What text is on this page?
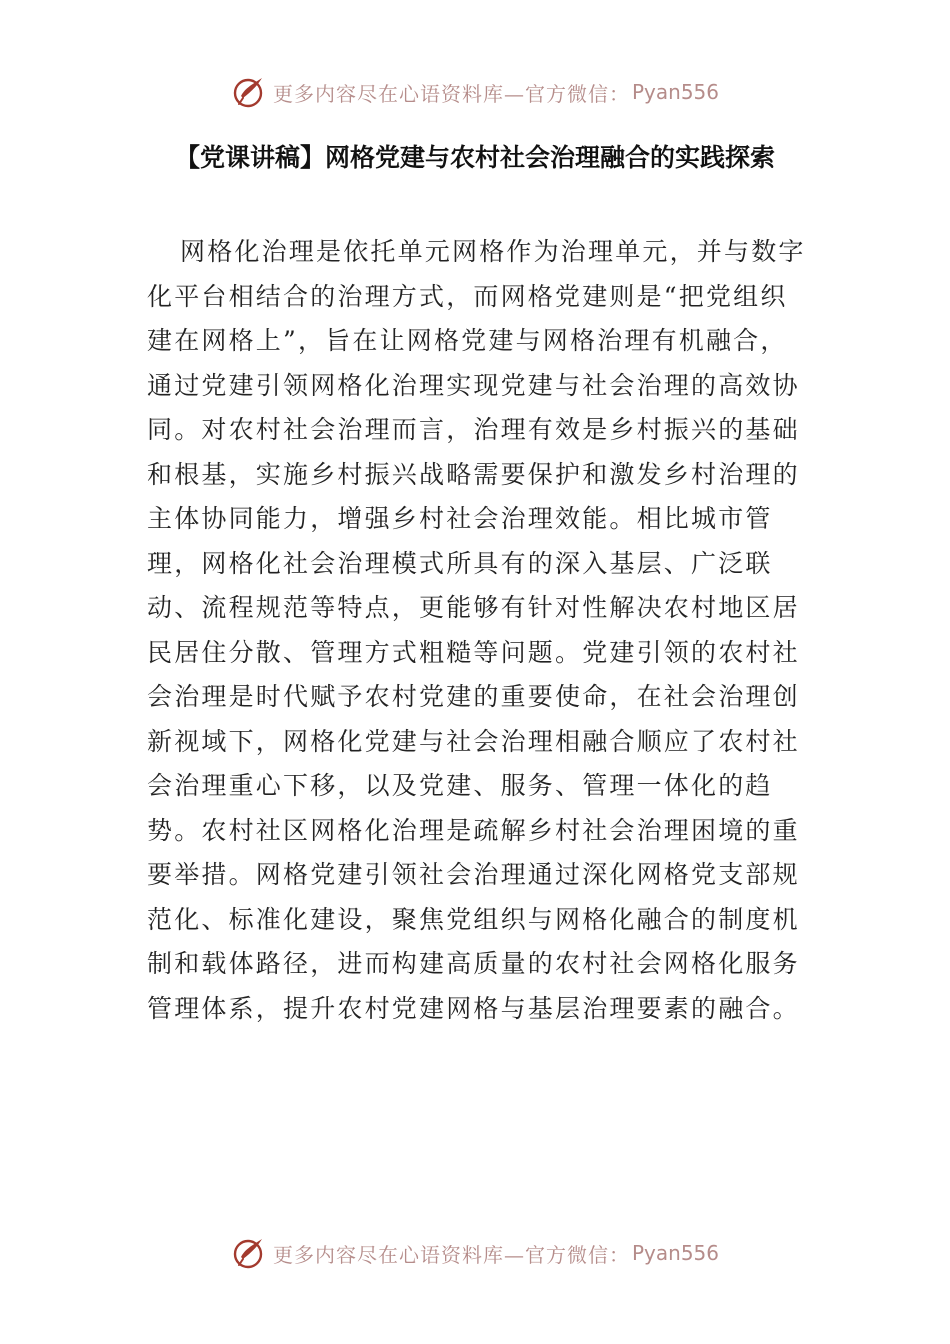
更多内容尽在心语资料库—官方微信： Pyan556
【党课讲稿】网格党建与农村社会治理融合的实践探索

网格化治理是依托单元网格作为治理单元，并与数字化平台相结合的治理方式，而网格党建则是“把党组织建在网格上”，旨在让网格党建与网格治理有机融合，通过党建引领网格化治理实现党建与社会治理的高效协同。对农村社会治理而言，治理有效是乡村振兴的基础和根基，实施乡村振兴战略需要保护和激发乡村治理的主体协同能力，增强乡村社会治理效能。相比城市管理，网格化社会治理模式所具有的深入基层、广泛联动、流程规范等特点，更能够有针对性解决农村地区居民居住分散、管理方式粗糙等问题。党建引领的农村社会治理是时代赋予农村党建的重要使命，在社会治理创新视域下，网格化党建与社会治理相融合顺应了农村社会治理重心下移，以及党建、服务、管理一体化的趋势。农村社区网格化治理是疏解乡村社会治理困境的重要举措。网格党建引领社会治理通过深化网格党支部规范化、标准化建设，聚焦党组织与网格化融合的制度机制和载体路径，进而构建高质量的农村社会网格化服务管理体系，提升农村党建网格与基层治理要素的融合。

更多内容尽在心语资料库—官方微信： Pyan556
